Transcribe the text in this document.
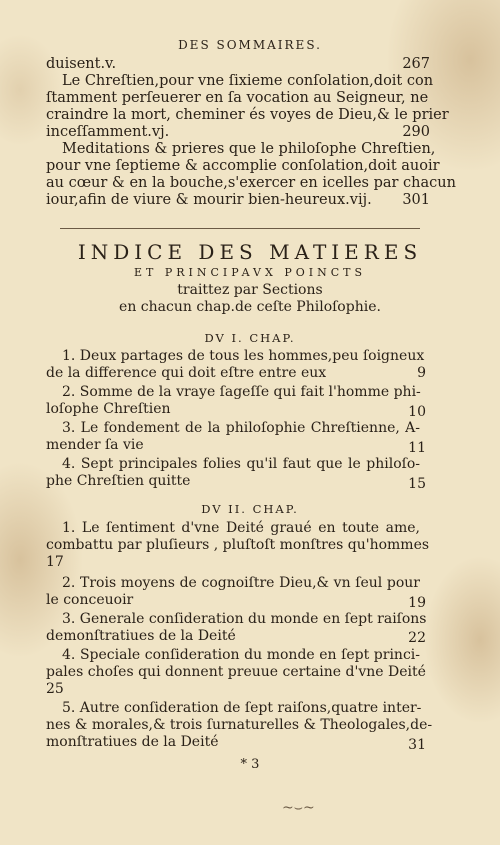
DES SOMMAIRES.
duisent.v.	267
Le Chreſtien,pour vne ſixieme conſolation,doit con
ſtamment perſeuerer en ſa vocation au Seigneur, ne
craindre la mort, cheminer és voyes de Dieu,& le prier
inceſſamment.vj.	290
Meditations & prieres que le philoſophe Chreſtien,
pour vne ſeptieme & accomplie conſolation,doit auoir
au cœur & en la bouche,s'exercer en icelles par chacun
iour,afin de viure & mourir bien-heureux.vij. 301
INDICE DES MATIERES
ET PRINCIPAVX POINCTS
traittez par Sections
en chacun chap.de ceſte Philoſophie.
DV I. CHAP.
1. Deux partages de tous les hommes,peu ſoigneux
de la difference qui doit eſtre entre eux	9
2. Somme de la vraye ſageſſe qui fait l'homme phi-
loſophe Chreſtien	10
3. Le fondement de la philoſophie Chreſtienne, A-
mender ſa vie	11
4. Sept principales folies qu'il faut que le philoſo-
phe Chreſtien quitte	15
DV II. CHAP.
1. Le ſentiment d'vne Deité graué en toute ame,
combattu par pluſieurs , pluſtoſt monſtres qu'hommes
17
2. Trois moyens de cognoiſtre Dieu,& vn ſeul pour
le conceuoir	19
3. Generale conſideration du monde en ſept raiſons
demonſtratiues de la Deité	22
4. Speciale conſideration du monde en ſept princi-
pales choſes qui donnent preuue certaine d'vne Deité
25
5. Autre conſideration de ſept raiſons,quatre inter-
nes & morales,& trois ſurnaturelles & Theologales,de-
monſtratiues de la Deité	31
* 3
~⌣~
